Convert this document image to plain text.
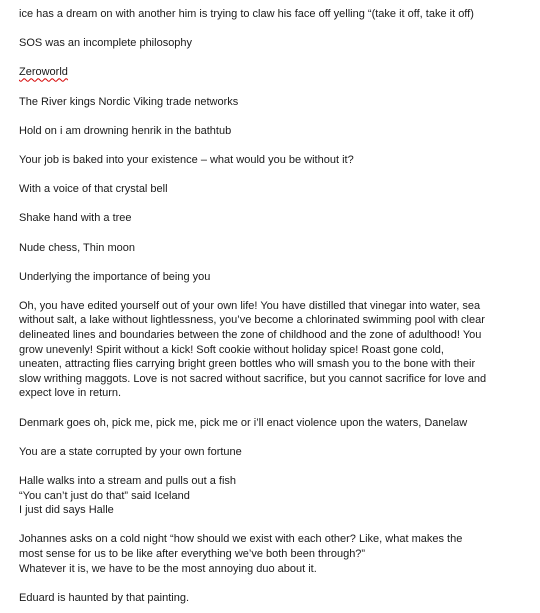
ice has a dream on with another him is trying to claw his face off yelling “(take it off, take it off)

SOS was an incomplete philosophy

Zeroworld

The River kings Nordic Viking trade networks

Hold on i am drowning henrik in the bathtub

Your job is baked into your existence – what would you be without it?

With a voice of that crystal bell

Shake hand with a tree

Nude chess, Thin moon

Underlying the importance of being you

Oh, you have edited yourself out of your own life! You have distilled that vinegar into water, sea

without salt, a lake without lightlessness, you’ve become a chlorinated swimming pool with clear

delineated lines and boundaries between the zone of childhood and the zone of adulthood! You

grow unevenly! Spirit without a kick! Soft cookie without holiday spice! Roast gone cold,

uneaten, attracting flies carrying bright green bottles who will smash you to the bone with their

slow writhing maggots. Love is not sacred without sacrifice, but you cannot sacrifice for love and

expect love in return.

Denmark goes oh, pick me, pick me, pick me or i’ll enact violence upon the waters, Danelaw

You are a state corrupted by your own fortune

Halle walks into a stream and pulls out a fish

“You can’t just do that” said Iceland

I just did says Halle

Johannes asks on a cold night “how should we exist with each other? Like, what makes the

most sense for us to be like after everything we’ve both been through?”

Whatever it is, we have to be the most annoying duo about it.

Eduard is haunted by that painting.
